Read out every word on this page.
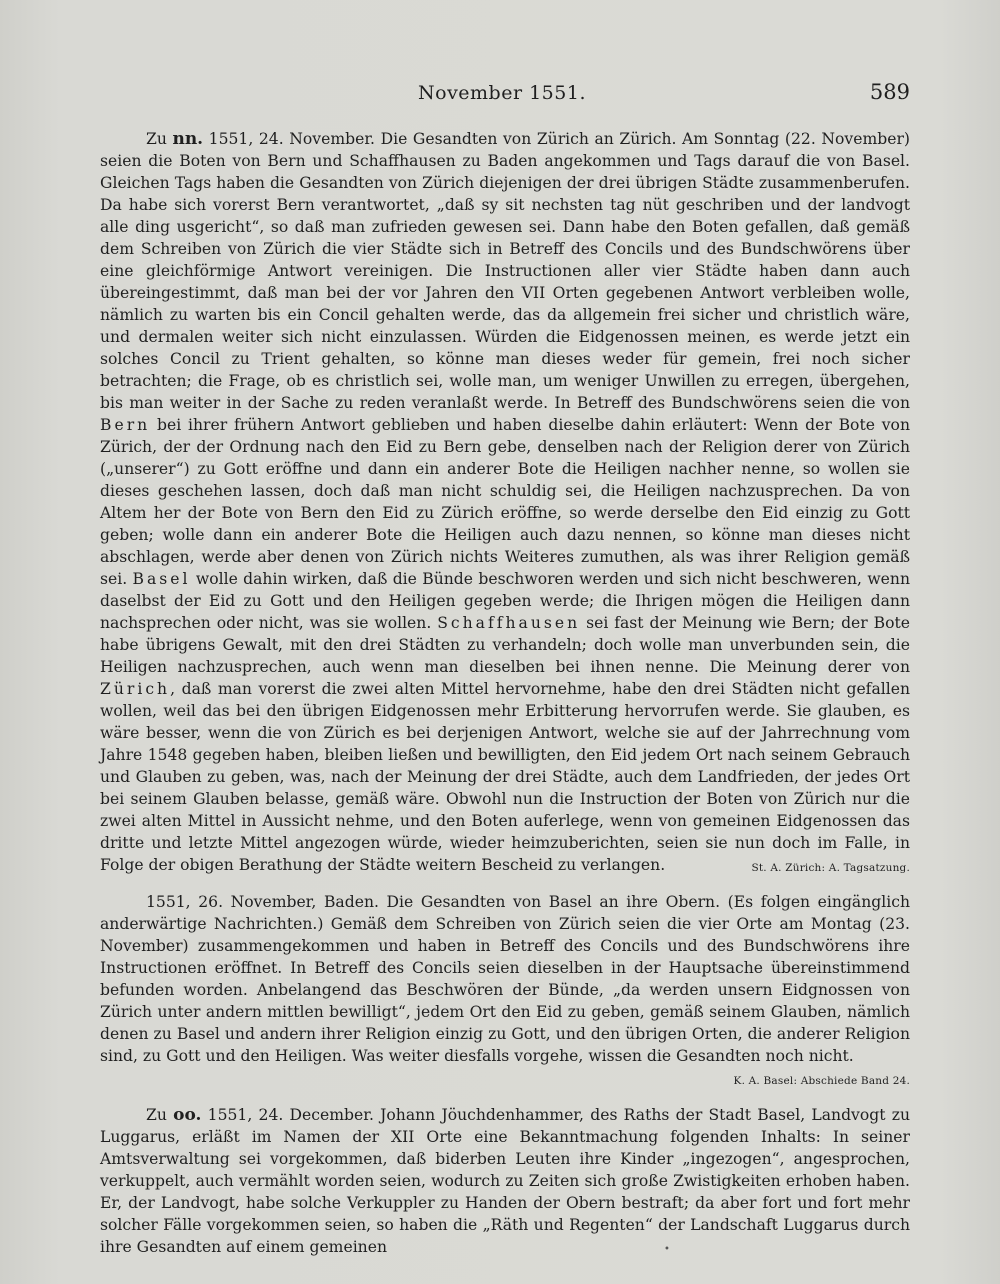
November 1551.	589

Zu nn. 1551, 24. November. Die Gesandten von Zürich an Zürich. Am Sonntag (22. November) seien die Boten von Bern und Schaffhausen zu Baden angekommen und Tags darauf die von Basel. Gleichen Tags haben die Gesandten von Zürich diejenigen der drei übrigen Städte zusammenberufen. Da habe sich vorerst Bern verantwortet, „daß sy sit nechsten tag nüt geschriben und der landvogt alle ding usgericht“, so daß man zufrieden gewesen sei. Dann habe den Boten gefallen, daß gemäß dem Schreiben von Zürich die vier Städte sich in Betreff des Concils und des Bundschwörens über eine gleichförmige Antwort vereinigen. Die Instructionen aller vier Städte haben dann auch übereingestimmt, daß man bei der vor Jahren den VII Orten gegebenen Antwort verbleiben wolle, nämlich zu warten bis ein Concil gehalten werde, das da allgemein frei sicher und christlich wäre, und dermalen weiter sich nicht einzulassen. Würden die Eidgenossen meinen, es werde jetzt ein solches Concil zu Trient gehalten, so könne man dieses weder für gemein, frei noch sicher betrachten; die Frage, ob es christlich sei, wolle man, um weniger Unwillen zu erregen, übergehen, bis man weiter in der Sache zu reden veranlaßt werde. In Betreff des Bundschwörens seien die von Bern bei ihrer frühern Antwort geblieben und haben dieselbe dahin erläutert: Wenn der Bote von Zürich, der der Ordnung nach den Eid zu Bern gebe, denselben nach der Religion derer von Zürich („unserer“) zu Gott eröffne und dann ein anderer Bote die Heiligen nachher nenne, so wollen sie dieses geschehen lassen, doch daß man nicht schuldig sei, die Heiligen nachzusprechen. Da von Altem her der Bote von Bern den Eid zu Zürich eröffne, so werde derselbe den Eid einzig zu Gott geben; wolle dann ein anderer Bote die Heiligen auch dazu nennen, so könne man dieses nicht abschlagen, werde aber denen von Zürich nichts Weiteres zumuthen, als was ihrer Religion gemäß sei. Basel wolle dahin wirken, daß die Bünde beschworen werden und sich nicht beschweren, wenn daselbst der Eid zu Gott und den Heiligen gegeben werde; die Ihrigen mögen die Heiligen dann nachsprechen oder nicht, was sie wollen. Schaffhausen sei fast der Meinung wie Bern; der Bote habe übrigens Gewalt, mit den drei Städten zu verhandeln; doch wolle man unverbunden sein, die Heiligen nachzusprechen, auch wenn man dieselben bei ihnen nenne. Die Meinung derer von Zürich, daß man vorerst die zwei alten Mittel hervornehme, habe den drei Städten nicht gefallen wollen, weil das bei den übrigen Eidgenossen mehr Erbitterung hervorrufen werde. Sie glauben, es wäre besser, wenn die von Zürich es bei derjenigen Antwort, welche sie auf der Jahrrechnung vom Jahre 1548 gegeben haben, bleiben ließen und bewilligten, den Eid jedem Ort nach seinem Gebrauch und Glauben zu geben, was, nach der Meinung der drei Städte, auch dem Landfrieden, der jedes Ort bei seinem Glauben belasse, gemäß wäre. Obwohl nun die Instruction der Boten von Zürich nur die zwei alten Mittel in Aussicht nehme, und den Boten auferlege, wenn von gemeinen Eidgenossen das dritte und letzte Mittel angezogen würde, wieder heimzuberichten, seien sie nun doch im Falle, in Folge der obigen Berathung der Städte weitern Bescheid zu verlangen.	St. A. Zürich: A. Tagsatzung.

1551, 26. November, Baden. Die Gesandten von Basel an ihre Obern. (Es folgen eingänglich anderwärtige Nachrichten.) Gemäß dem Schreiben von Zürich seien die vier Orte am Montag (23. November) zusammengekommen und haben in Betreff des Concils und des Bundschwörens ihre Instructionen eröffnet. In Betreff des Concils seien dieselben in der Hauptsache übereinstimmend befunden worden. Anbelangend das Beschwören der Bünde, „da werden unsern Eidgnossen von Zürich unter andern mittlen bewilligt“, jedem Ort den Eid zu geben, gemäß seinem Glauben, nämlich denen zu Basel und andern ihrer Religion einzig zu Gott, und den übrigen Orten, die anderer Religion sind, zu Gott und den Heiligen. Was weiter diesfalls vorgehe, wissen die Gesandten noch nicht.
K. A. Basel: Abschiede Band 24.

Zu oo. 1551, 24. December. Johann Jöuchdenhammer, des Raths der Stadt Basel, Landvogt zu Luggarus, erläßt im Namen der XII Orte eine Bekanntmachung folgenden Inhalts: In seiner Amtsverwaltung sei vorgekommen, daß biderben Leuten ihre Kinder „ingezogen“, angesprochen, verkuppelt, auch vermählt worden seien, wodurch zu Zeiten sich große Zwistigkeiten erhoben haben. Er, der Landvogt, habe solche Verkuppler zu Handen der Obern bestraft; da aber fort und fort mehr solcher Fälle vorgekommen seien, so haben die „Räth und Regenten“ der Landschaft Luggarus durch ihre Gesandten auf einem gemeinen	•
